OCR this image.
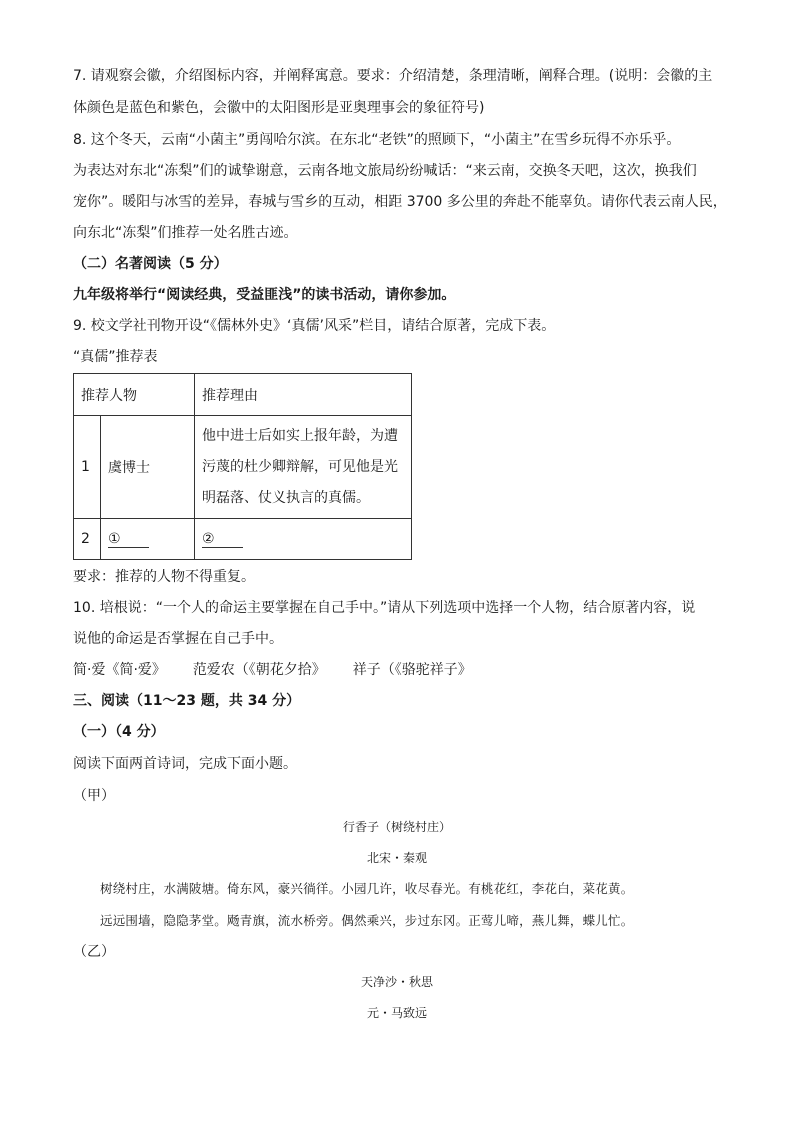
7. 请观察会徽，介绍图标内容，并阐释寓意。要求：介绍清楚，条理清晰，阐释合理。(说明：会徽的主
体颜色是蓝色和紫色，会徽中的太阳图形是亚奥理事会的象征符号)
8. 这个冬天，云南“小菌主”勇闯哈尔滨。在东北“老铁”的照顾下，“小菌主”在雪乡玩得不亦乐乎。
为表达对东北“冻梨”们的诚挚谢意，云南各地文旅局纷纷喊话：“来云南，交换冬天吧，这次，换我们
宠你”。暖阳与冰雪的差异，春城与雪乡的互动，相距 3700 多公里的奔赴不能辜负。请你代表云南人民，
向东北“冻梨”们推荐一处名胜古迹。
（二）名著阅读（5 分）
九年级将举行“阅读经典，受益匪浅”的读书活动，请你参加。
9. 校文学社刊物开设“《儒林外史》‘真儒’风采”栏目，请结合原著，完成下表。
“真儒”推荐表
推荐人物		推荐理由
1	虞博士	他中进士后如实上报年龄，为遭
污蔑的杜少卿辩解，可见他是光
明磊落、仗义执言的真儒。

2	①	②
要求：推荐的人物不得重复。
10. 培根说：“一个人的命运主要掌握在自己手中。”请从下列选项中选择一个人物，结合原著内容，说
说他的命运是否掌握在自己手中。
简·爱《简·爱》 范爱农（《朝花夕拾》 祥子（《骆驼祥子》
三、阅读（11～23 题，共 34 分）
（一）（4 分）
阅读下面两首诗词，完成下面小题。
（甲）
行香子（树绕村庄）
北宋・秦观
树绕村庄，水满陂塘。倚东风，豪兴徜徉。小园几许，收尽春光。有桃花红，李花白，菜花黄。
远远围墙，隐隐茅堂。飏青旗，流水桥旁。偶然乘兴，步过东冈。正莺儿啼，燕儿舞，蝶儿忙。
（乙）
天净沙・秋思
元・马致远
